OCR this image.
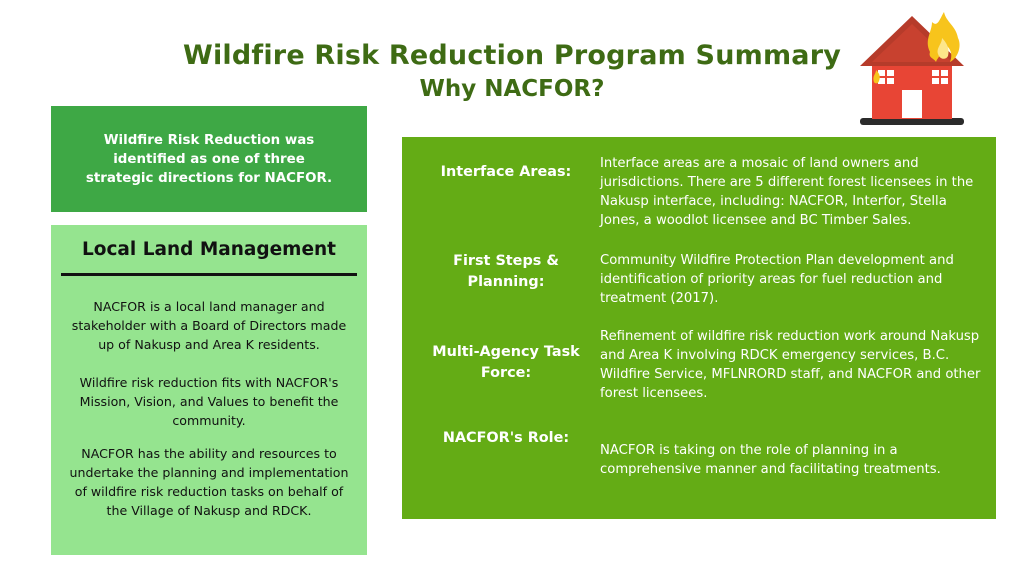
Wildfire Risk Reduction Program Summary
Why NACFOR?
Wildfire Risk Reduction was identified as one of three strategic directions for NACFOR.
Local Land Management

NACFOR is a local land manager and stakeholder with a Board of Directors made up of Nakusp and Area K residents.

Wildfire risk reduction fits with NACFOR's Mission, Vision, and Values to benefit the community.

NACFOR has the ability and resources to undertake the planning and implementation of wildfire risk reduction tasks on behalf of the Village of Nakusp and RDCK.

Interface Areas:

Interface areas are a mosaic of land owners and jurisdictions. There are 5 different forest licensees in the Nakusp interface, including: NACFOR, Interfor, Stella Jones, a woodlot licensee and BC Timber Sales.

First Steps & Planning:

Community Wildfire Protection Plan development and identification of priority areas for fuel reduction and treatment (2017).

Multi-Agency Task Force:

Refinement of wildfire risk reduction work around Nakusp and Area K involving RDCK emergency services, B.C. Wildfire Service, MFLNRORD staff, and NACFOR and other forest licensees.

NACFOR's Role:

NACFOR is taking on the role of planning in a comprehensive manner and facilitating treatments.
